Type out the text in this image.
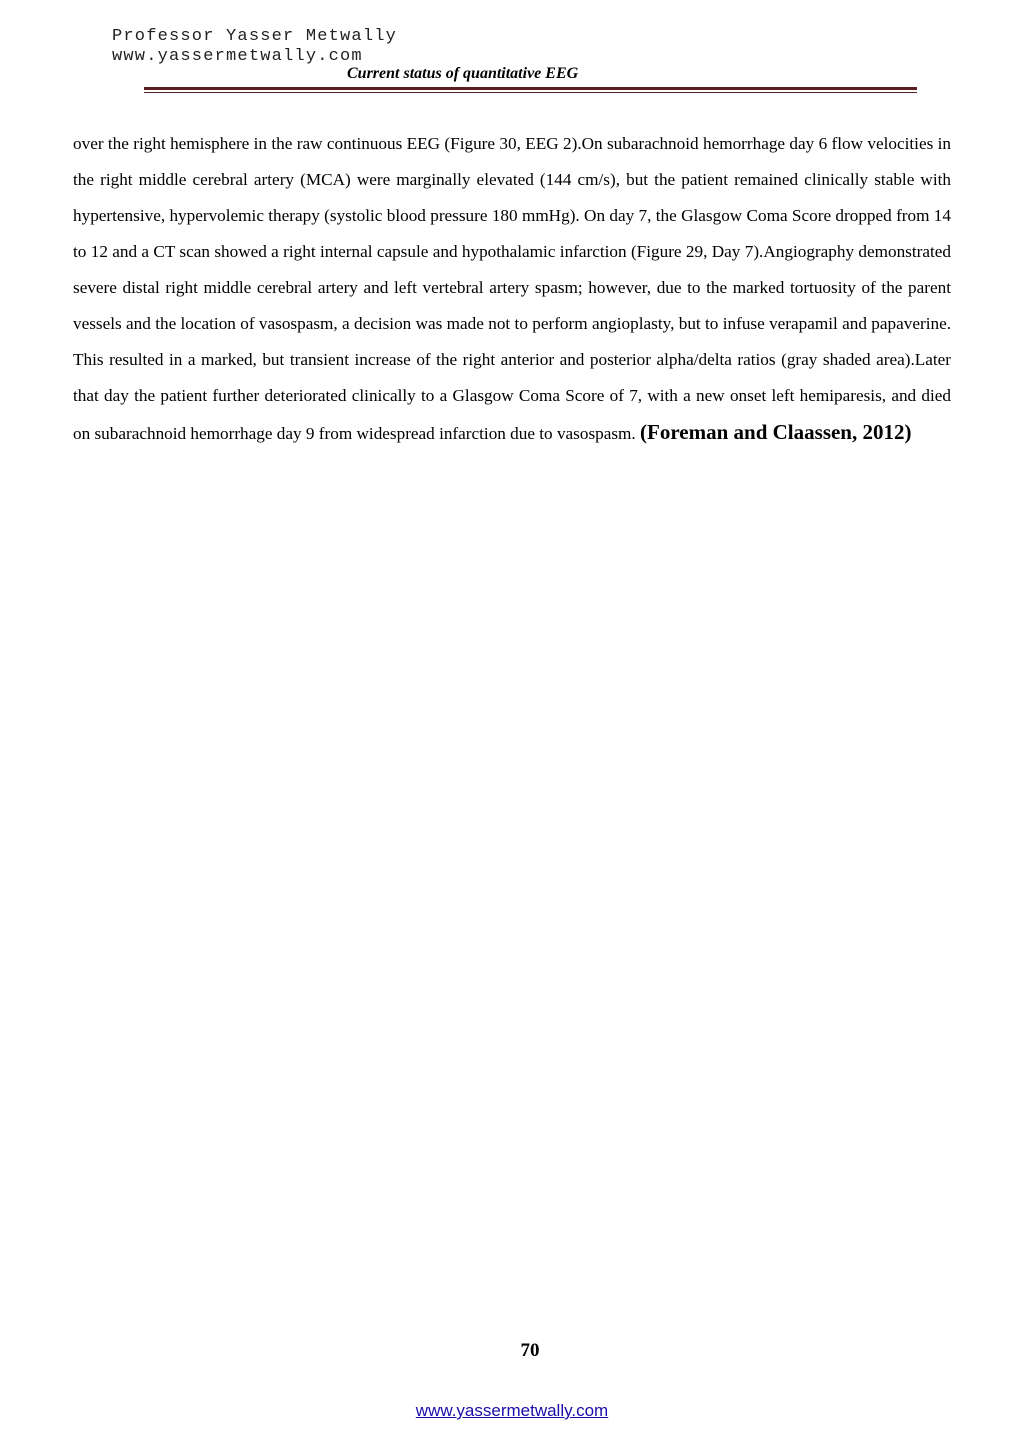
Professor Yasser Metwally
www.yassermetwally.com
Current status of quantitative EEG

over the right hemisphere in the raw continuous EEG (Figure 30, EEG 2).On subarachnoid hemorrhage day 6 flow velocities in the right middle cerebral artery (MCA) were marginally elevated (144 cm/s), but the patient remained clinically stable with hypertensive, hypervolemic therapy (systolic blood pressure 180 mmHg). On day 7, the Glasgow Coma Score dropped from 14 to 12 and a CT scan showed a right internal capsule and hypothalamic infarction (Figure 29, Day 7).Angiography demonstrated severe distal right middle cerebral artery and left vertebral artery spasm; however, due to the marked tortuosity of the parent vessels and the location of vasospasm, a decision was made not to perform angioplasty, but to infuse verapamil and papaverine. This resulted in a marked, but transient increase of the right anterior and posterior alpha/delta ratios (gray shaded area).Later that day the patient further deteriorated clinically to a Glasgow Coma Score of 7, with a new onset left hemiparesis, and died on subarachnoid hemorrhage day 9 from widespread infarction due to vasospasm. (Foreman and Claassen, 2012)

70
www.yassermetwally.com
